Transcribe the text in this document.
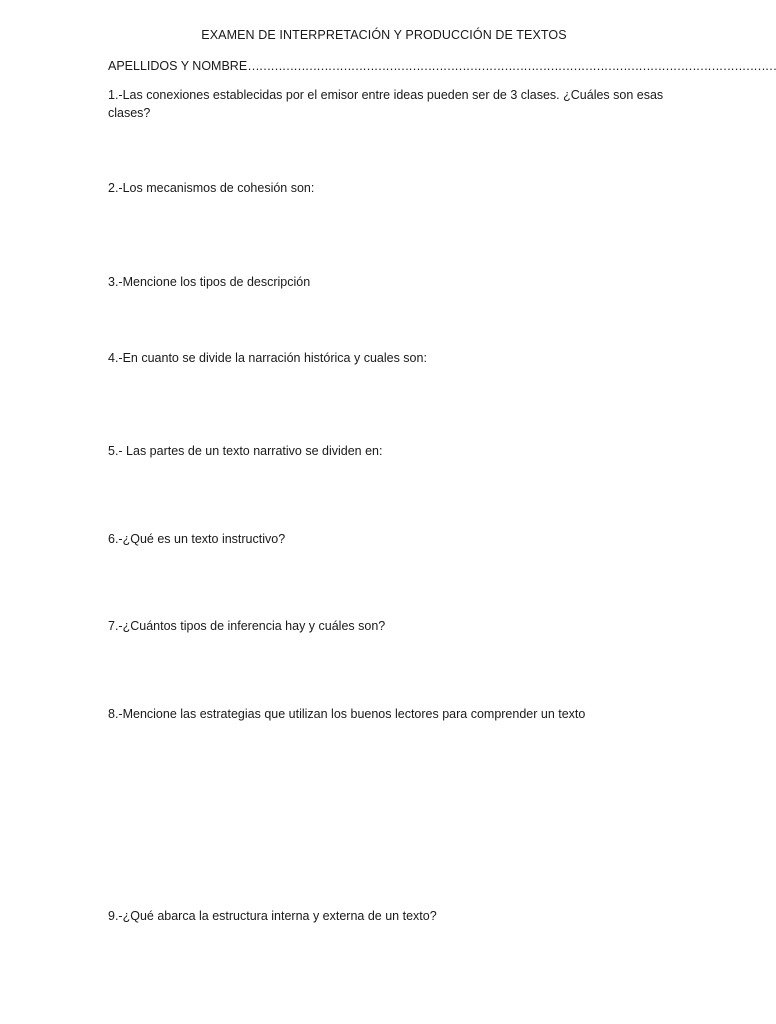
EXAMEN DE INTERPRETACIÓN Y PRODUCCIÓN DE TEXTOS
APELLIDOS Y NOMBRE…………………………………………………………………………………………………………………………
1.-Las conexiones establecidas por el emisor entre ideas pueden ser de 3 clases. ¿Cuáles son esas clases?
2.-Los mecanismos de cohesión son:
3.-Mencione los tipos de descripción
4.-En cuanto se divide la narración histórica y cuales son:
5.- Las partes de un texto narrativo se dividen en:
6.-¿Qué es un texto instructivo?
7.-¿Cuántos tipos de inferencia hay y cuáles son?
8.-Mencione las estrategias que utilizan los buenos lectores para comprender un texto
9.-¿Qué abarca la estructura interna y externa de un texto?
